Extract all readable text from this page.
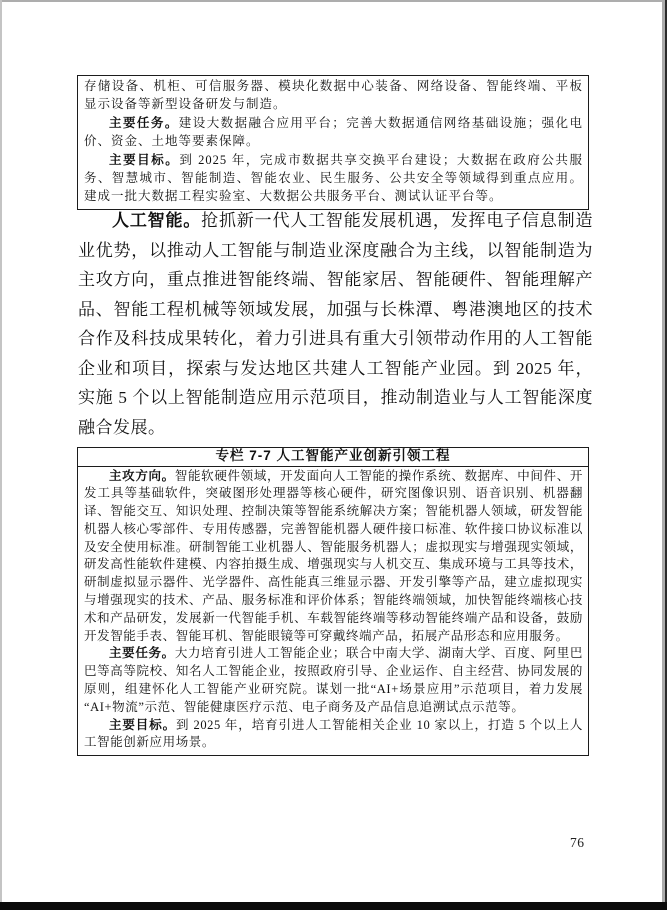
存储设备、机柜、可信服务器、模块化数据中心装备、网络设备、智能终端、平板显示设备等新型设备研发与制造。

主要任务。建设大数据融合应用平台；完善大数据通信网络基础设施；强化电价、资金、土地等要素保障。

主要目标。到 2025 年，完成市数据共享交换平台建设；大数据在政府公共服务、智慧城市、智能制造、智能农业、民生服务、公共安全等领域得到重点应用。建成一批大数据工程实验室、大数据公共服务平台、测试认证平台等。

人工智能。抢抓新一代人工智能发展机遇，发挥电子信息制造业优势，以推动人工智能与制造业深度融合为主线，以智能制造为主攻方向，重点推进智能终端、智能家居、智能硬件、智能理解产品、智能工程机械等领域发展，加强与长株潭、粤港澳地区的技术合作及科技成果转化，着力引进具有重大引领带动作用的人工智能企业和项目，探索与发达地区共建人工智能产业园。到 2025 年，实施 5 个以上智能制造应用示范项目，推动制造业与人工智能深度融合发展。

专栏 7-7 人工智能产业创新引领工程

主攻方向。智能软硬件领域，开发面向人工智能的操作系统、数据库、中间件、开发工具等基础软件，突破图形处理器等核心硬件，研究图像识别、语音识别、机器翻译、智能交互、知识处理、控制决策等智能系统解决方案；智能机器人领域，研发智能机器人核心零部件、专用传感器，完善智能机器人硬件接口标准、软件接口协议标准以及安全使用标准。研制智能工业机器人、智能服务机器人；虚拟现实与增强现实领域，研发高性能软件建模、内容拍摄生成、增强现实与人机交互、集成环境与工具等技术，研制虚拟显示器件、光学器件、高性能真三维显示器、开发引擎等产品，建立虚拟现实与增强现实的技术、产品、服务标准和评价体系；智能终端领域，加快智能终端核心技术和产品研发，发展新一代智能手机、车载智能终端等移动智能终端产品和设备，鼓励开发智能手表、智能耳机、智能眼镜等可穿戴终端产品，拓展产品形态和应用服务。

主要任务。大力培育引进人工智能企业；联合中南大学、湖南大学、百度、阿里巴巴等高等院校、知名人工智能企业，按照政府引导、企业运作、自主经营、协同发展的原则，组建怀化人工智能产业研究院。谋划一批“AI+场景应用”示范项目，着力发展“AI+物流”示范、智能健康医疗示范、电子商务及产品信息追溯试点示范等。

主要目标。到 2025 年，培育引进人工智能相关企业 10 家以上，打造 5 个以上人工智能创新应用场景。

76
